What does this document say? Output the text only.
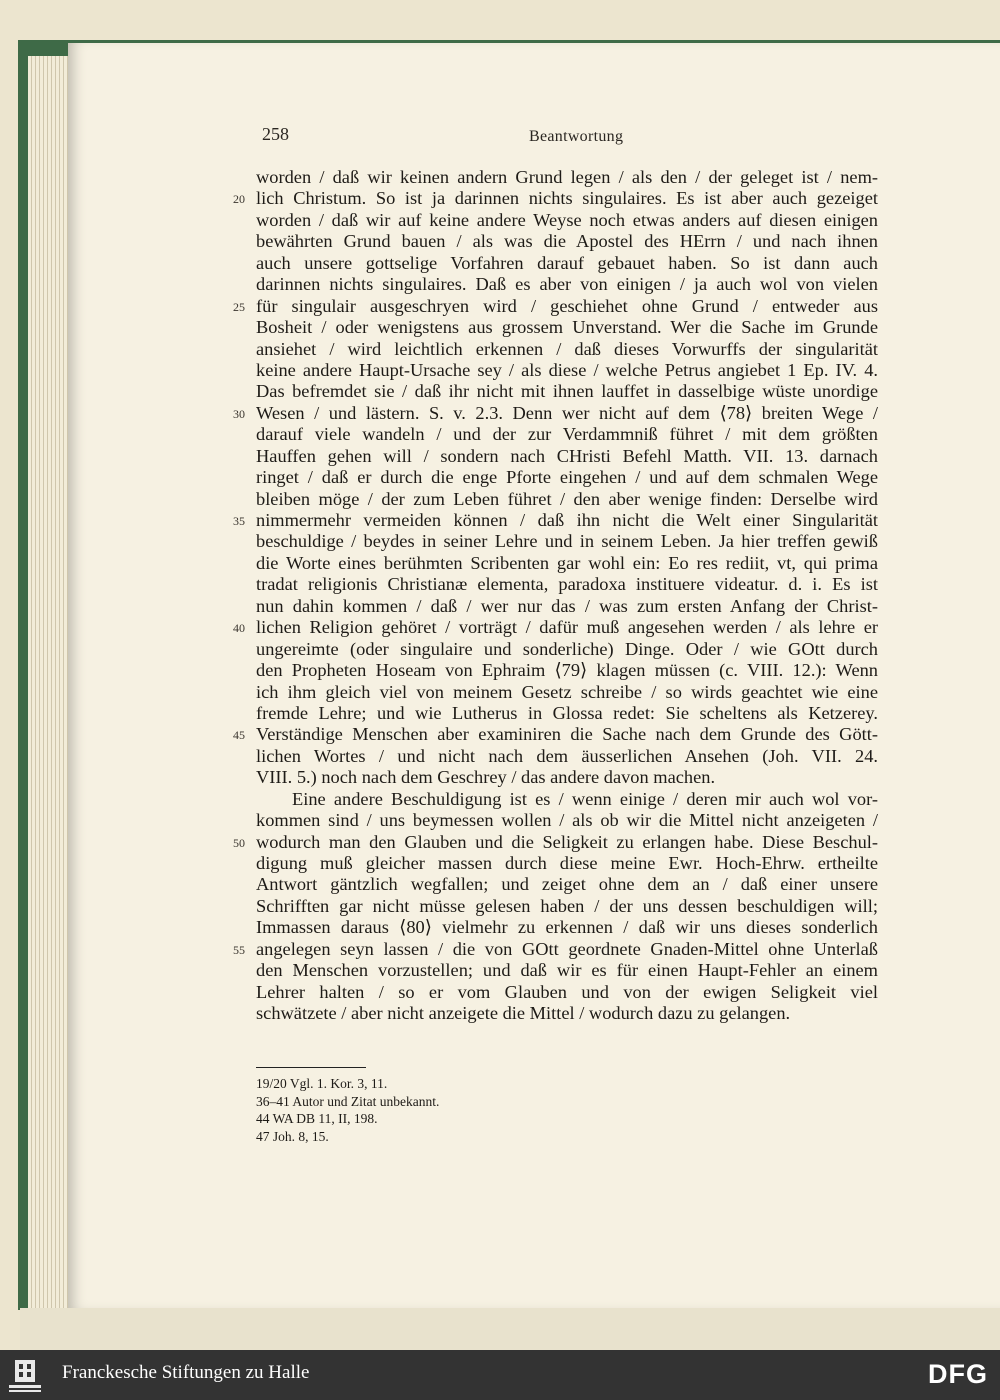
258	Beantwortung
worden / daß wir keinen andern Grund legen / als den / der geleget ist / nem-
20 lich Christum. So ist ja darinnen nichts singulaires. Es ist aber auch gezeiget
worden / daß wir auf keine andere Weyse noch etwas anders auf diesen einigen
bewährten Grund bauen / als was die Apostel des HErrn / und nach ihnen
auch unsere gottselige Vorfahren darauf gebauet haben. So ist dann auch
darinnen nichts singulaires. Daß es aber von einigen / ja auch wol von vielen
25 für singulair ausgeschryen wird / geschiehet ohne Grund / entweder aus
Bosheit / oder wenigstens aus grossem Unverstand. Wer die Sache im Grunde
ansiehet / wird leichtlich erkennen / daß dieses Vorwurffs der singularität
keine andere Haupt-Ursache sey / als diese / welche Petrus angiebet 1 Ep. IV. 4.
Das befremdet sie / daß ihr nicht mit ihnen lauffet in dasselbige wüste unordige
30 Wesen / und lästern. S. v. 2.3. Denn wer nicht auf dem ⟨78⟩ breiten Wege /
darauf viele wandeln / und der zur Verdammniß führet / mit dem größten
Hauffen gehen will / sondern nach CHristi Befehl Matth. VII. 13. darnach
ringet / daß er durch die enge Pforte eingehen / und auf dem schmalen Wege
bleiben möge / der zum Leben führet / den aber wenige finden: Derselbe wird
35 nimmermehr vermeiden können / daß ihn nicht die Welt einer Singularität
beschuldige / beydes in seiner Lehre und in seinem Leben. Ja hier treffen gewiß
die Worte eines berühmten Scribenten gar wohl ein: Eo res rediit, vt, qui prima
tradat religionis Christianæ elementa, paradoxa instituere videatur. d. i. Es ist
nun dahin kommen / daß / wer nur das / was zum ersten Anfang der Christ-
40 lichen Religion gehöret / vorträgt / dafür muß angesehen werden / als lehre er
ungereimte (oder singulaire und sonderliche) Dinge. Oder / wie GOtt durch
den Propheten Hoseam von Ephraim ⟨79⟩ klagen müssen (c. VIII. 12.): Wenn
ich ihm gleich viel von meinem Gesetz schreibe / so wirds geachtet wie eine
fremde Lehre; und wie Lutherus in Glossa redet: Sie scheltens als Ketzerey.
45 Verständige Menschen aber examiniren die Sache nach dem Grunde des Gött-
lichen Wortes / und nicht nach dem äusserlichen Ansehen (Joh. VII. 24.
VIII. 5.) noch nach dem Geschrey / das andere davon machen.
Eine andere Beschuldigung ist es / wenn einige / deren mir auch wol vor-
kommen sind / uns beymessen wollen / als ob wir die Mittel nicht anzeigeten /
50 wodurch man den Glauben und die Seligkeit zu erlangen habe. Diese Beschul-
digung muß gleicher massen durch diese meine Ewr. Hoch-Ehrw. ertheilte
Antwort gäntzlich wegfallen; und zeiget ohne dem an / daß einer unsere
Schrifften gar nicht müsse gelesen haben / der uns dessen beschuldigen will;
Immassen daraus ⟨80⟩ vielmehr zu erkennen / daß wir uns dieses sonderlich
55 angelegen seyn lassen / die von GOtt geordnete Gnaden-Mittel ohne Unterlaß
den Menschen vorzustellen; und daß wir es für einen Haupt-Fehler an einem
Lehrer halten / so er vom Glauben und von der ewigen Seligkeit viel
schwätzete / aber nicht anzeigete die Mittel / wodurch dazu zu gelangen.
19/20 Vgl. 1. Kor. 3, 11.
36–41 Autor und Zitat unbekannt.
44 WA DB 11, II, 198.
47 Joh. 8, 15.
Franckesche Stiftungen zu Halle	DFG
